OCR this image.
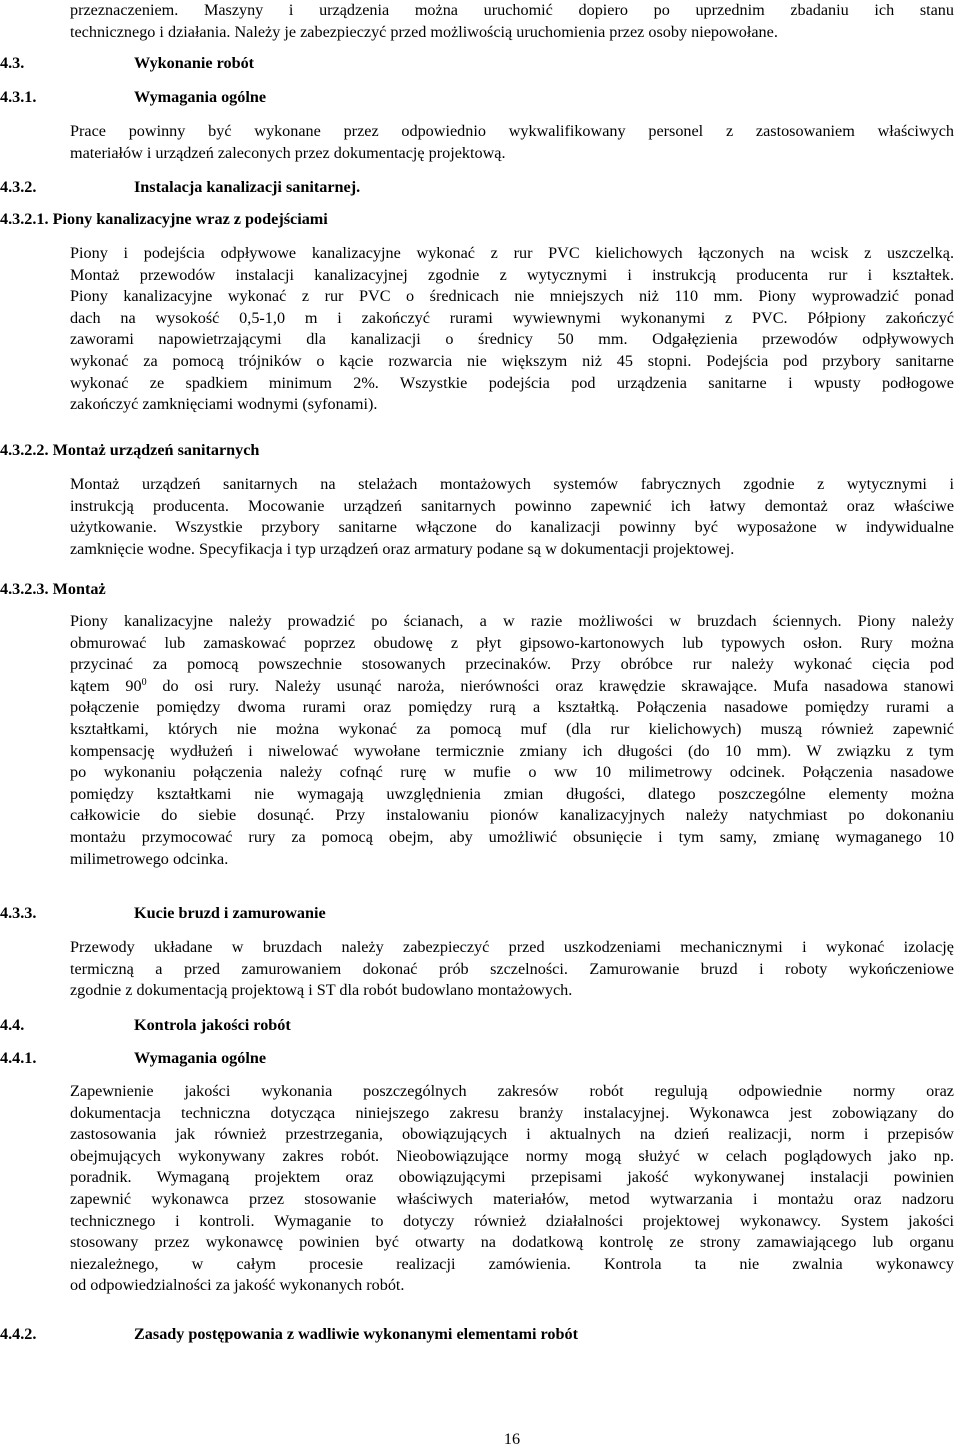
przeznaczeniem. Maszyny i urządzenia można uruchomić dopiero po uprzednim zbadaniu ich stanu
technicznego i działania. Należy je zabezpieczyć przed możliwością uruchomienia przez osoby niepowołane.
4.3.	Wykonanie robót
4.3.1.	Wymagania ogólne
Prace powinny być wykonane przez odpowiednio wykwalifikowany personel z zastosowaniem właściwych
materiałów i urządzeń zaleconych przez dokumentację projektową.
4.3.2.	Instalacja kanalizacji sanitarnej.
4.3.2.1. Piony kanalizacyjne wraz z podejściami
Piony i podejścia odpływowe kanalizacyjne wykonać z rur PVC kielichowych łączonych na wcisk z uszczelką.
Montaż przewodów instalacji kanalizacyjnej zgodnie z wytycznymi i instrukcją producenta rur i kształtek.
Piony kanalizacyjne wykonać z rur PVC o średnicach nie mniejszych niż 110 mm. Piony wyprowadzić ponad
dach na wysokość 0,5-1,0 m i zakończyć rurami wywiewnymi wykonanymi z PVC. Półpiony zakończyć
zaworami napowietrzającymi dla kanalizacji o średnicy 50 mm. Odgałęzienia przewodów odpływowych
wykonać za pomocą trójników o kącie rozwarcia nie większym niż 45 stopni. Podejścia pod przybory sanitarne
wykonać ze spadkiem minimum 2%. Wszystkie podejścia pod urządzenia sanitarne i wpusty podłogowe
zakończyć zamknięciami wodnymi (syfonami).
4.3.2.2. Montaż urządzeń sanitarnych
Montaż urządzeń sanitarnych na stelażach montażowych systemów fabrycznych zgodnie z wytycznymi i
instrukcją producenta. Mocowanie urządzeń sanitarnych powinno zapewnić ich łatwy demontaż oraz właściwe
użytkowanie. Wszystkie przybory sanitarne włączone do kanalizacji powinny być wyposażone w indywidualne
zamknięcie wodne. Specyfikacja i typ urządzeń oraz armatury podane są w dokumentacji projektowej.
4.3.2.3. Montaż
Piony kanalizacyjne należy prowadzić po ścianach, a w razie możliwości w bruzdach ściennych. Piony należy
obmurować lub zamaskować poprzez obudowę z płyt gipsowo-kartonowych lub typowych osłon. Rury można
przycinać za pomocą powszechnie stosowanych przecinaków. Przy obróbce rur należy wykonać cięcia pod
kątem $90^0$ do osi rury. Należy usunąć naroża, nierówności oraz krawędzie skrawające. Mufa nasadowa stanowi
połączenie pomiędzy dwoma rurami oraz pomiędzy rurą a kształtką. Połączenia nasadowe pomiędzy rurami a
kształtkami, których nie można wykonać za pomocą muf (dla rur kielichowych) muszą również zapewnić
kompensację wydłużeń i niwelować wywołane termicznie zmiany ich długości (do 10 mm). W związku z tym
po wykonaniu połączenia należy cofnąć rurę w mufie o ww 10 milimetrowy odcinek. Połączenia nasadowe
pomiędzy kształtkami nie wymagają uwzględnienia zmian długości, dlatego poszczególne elementy można
całkowicie do siebie dosunąć. Przy instalowaniu pionów kanalizacyjnych należy natychmiast po dokonaniu
montażu przymocować rury za pomocą obejm, aby umożliwić obsunięcie i tym samy, zmianę wymaganego 10
milimetrowego odcinka.
4.3.3.	Kucie bruzd i zamurowanie
Przewody układane w bruzdach należy zabezpieczyć przed uszkodzeniami mechanicznymi i wykonać izolację
termiczną a przed zamurowaniem dokonać prób szczelności. Zamurowanie bruzd i roboty wykończeniowe
zgodnie z dokumentacją projektową i ST dla robót budowlano montażowych.
4.4.	Kontrola jakości robót
4.4.1.	Wymagania ogólne
Zapewnienie jakości wykonania poszczególnych zakresów robót regulują odpowiednie normy oraz
dokumentacja techniczna dotycząca niniejszego zakresu branży instalacyjnej. Wykonawca jest zobowiązany do
zastosowania jak również przestrzegania, obowiązujących i aktualnych na dzień realizacji, norm i przepisów
obejmujących wykonywany zakres robót. Nieobowiązujące normy mogą służyć w celach poglądowych jako np.
poradnik. Wymaganą projektem oraz obowiązującymi przepisami jakość wykonywanej instalacji powinien
zapewnić wykonawca przez stosowanie właściwych materiałów, metod wytwarzania i montażu oraz nadzoru
technicznego i kontroli. Wymaganie to dotyczy również działalności projektowej wykonawcy. System jakości
stosowany przez wykonawcę powinien być otwarty na dodatkową kontrolę ze strony zamawiającego lub organu
niezależnego, w całym procesie realizacji zamówienia. Kontrola ta nie zwalnia wykonawcy
od odpowiedzialności za jakość wykonanych robót.
4.4.2.	Zasady postępowania z wadliwie wykonanymi elementami robót
16
